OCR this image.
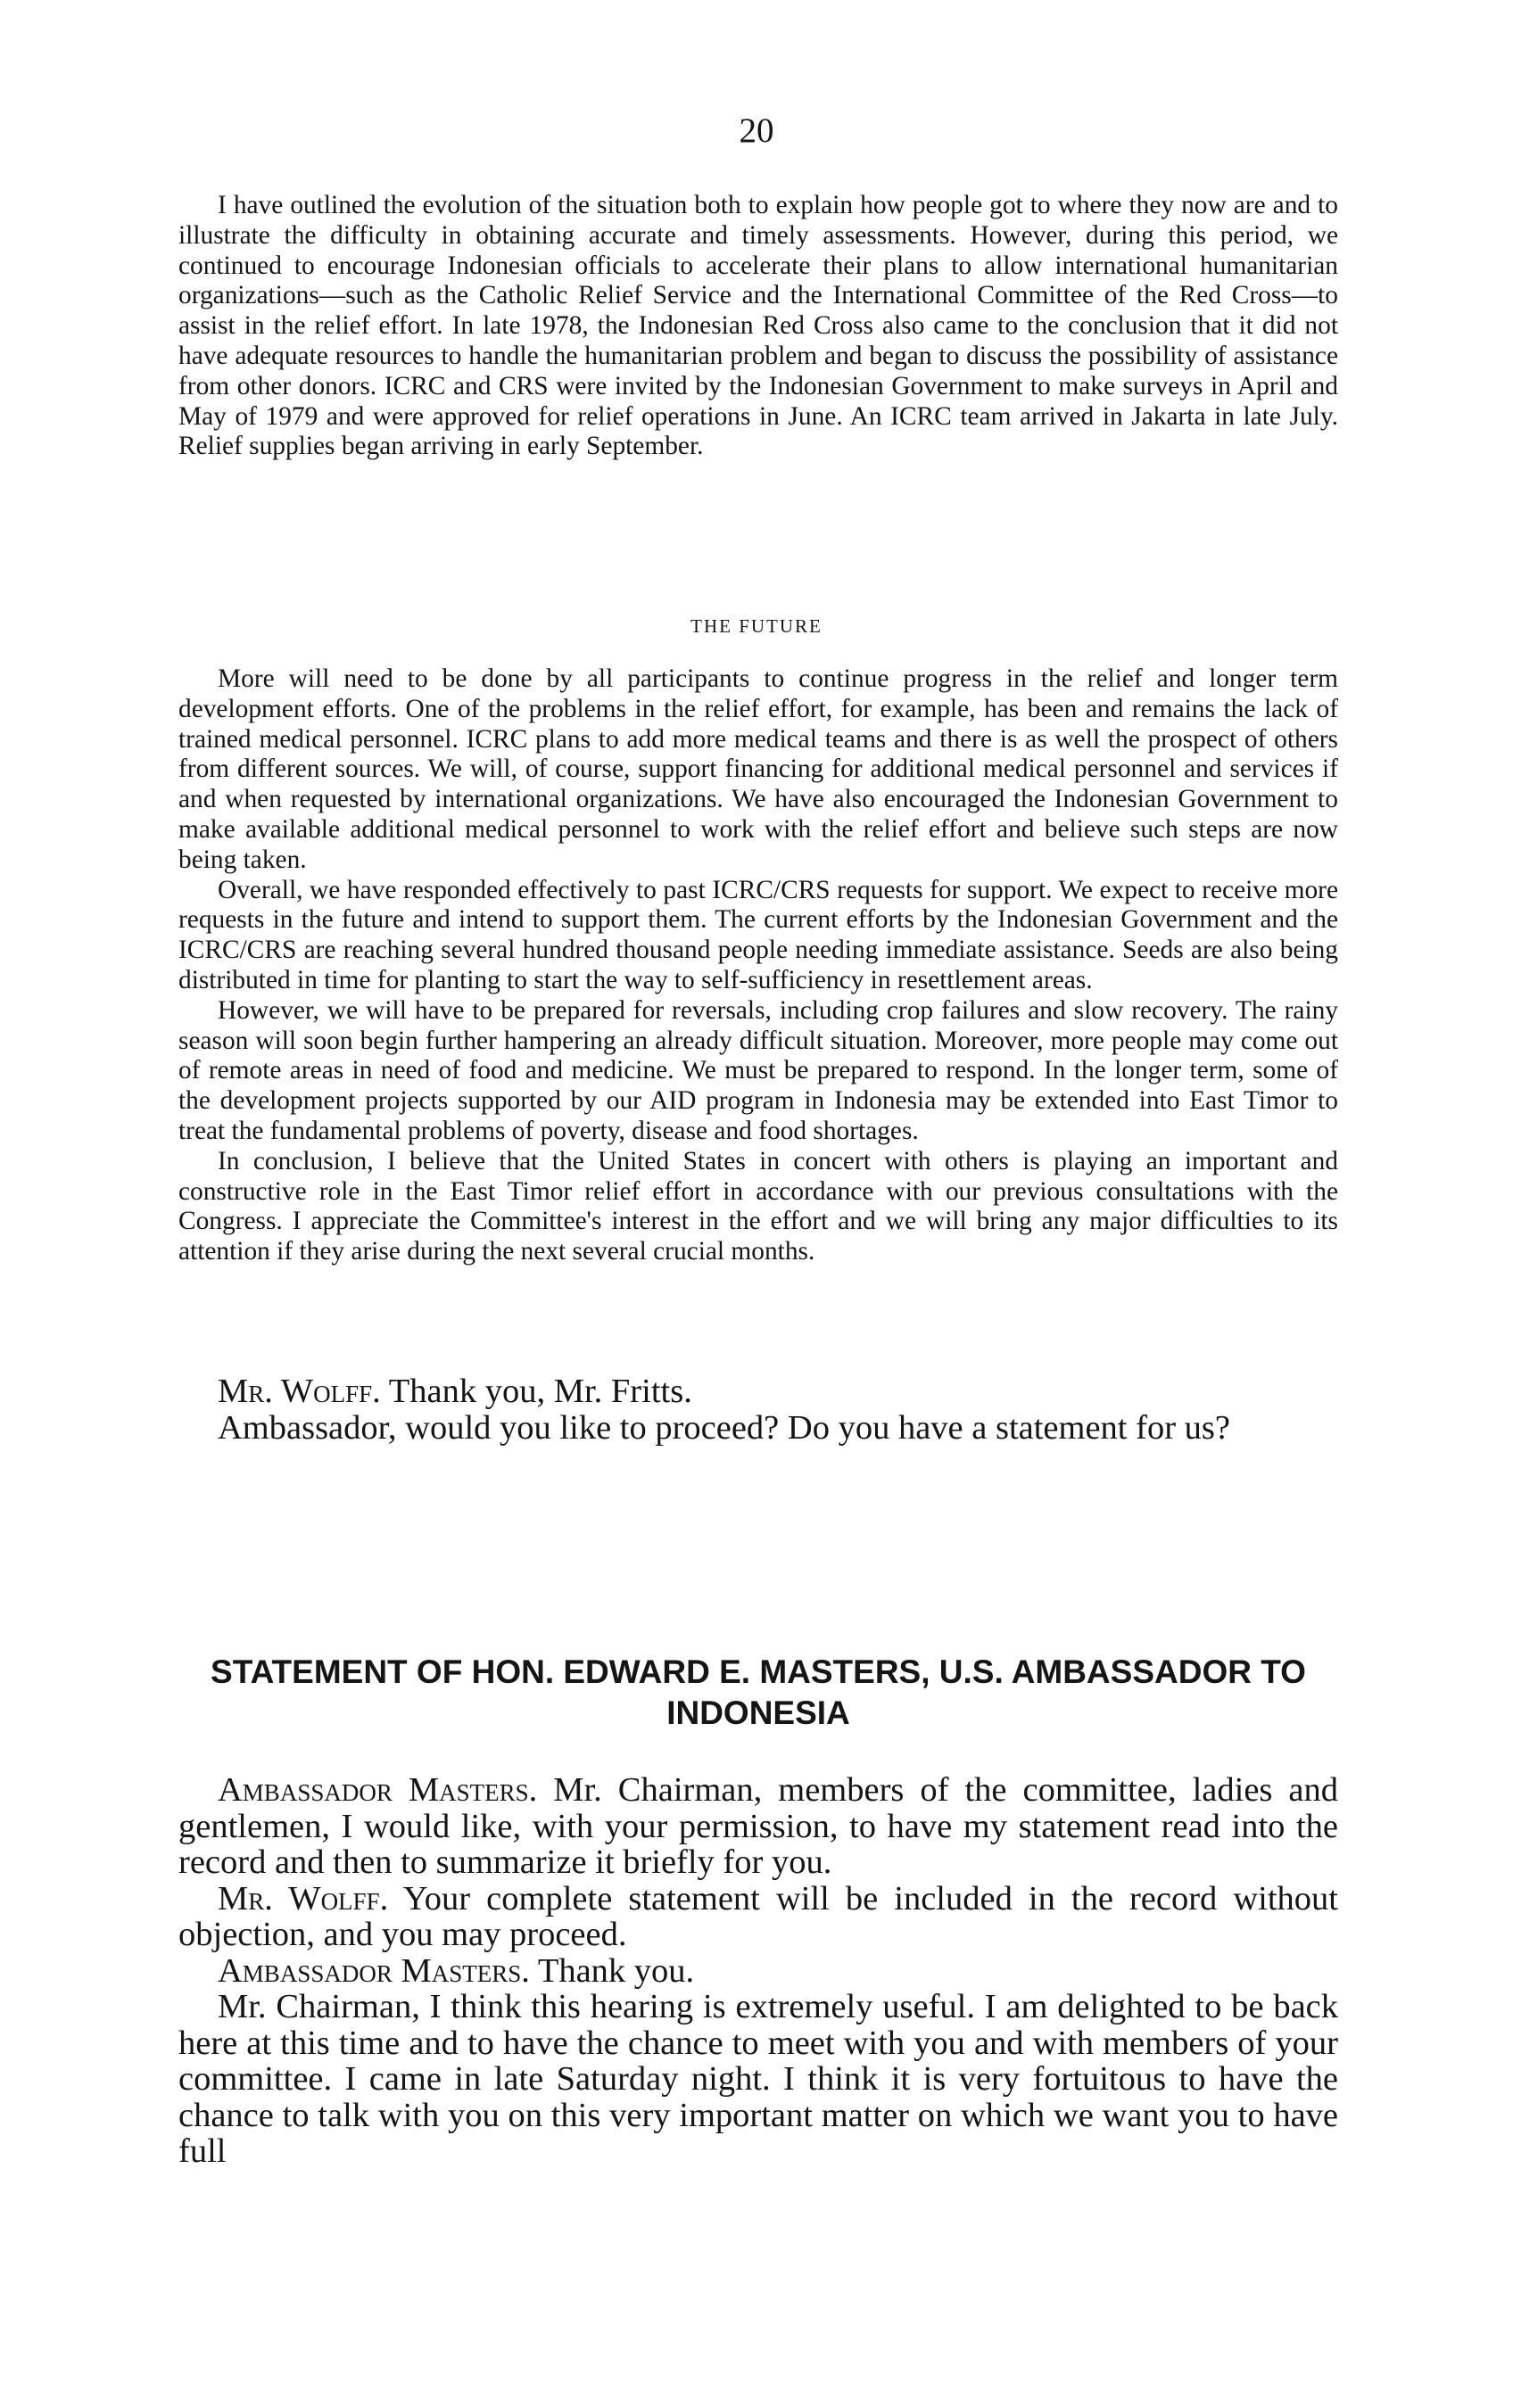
20

I have outlined the evolution of the situation both to explain how people got to where they now are and to illustrate the difficulty in obtaining accurate and timely assessments. However, during this period, we continued to encourage Indonesian officials to accelerate their plans to allow international humanitarian organizations—such as the Catholic Relief Service and the International Committee of the Red Cross—to assist in the relief effort. In late 1978, the Indonesian Red Cross also came to the conclusion that it did not have adequate resources to handle the humanitarian problem and began to discuss the possibility of assistance from other donors. ICRC and CRS were invited by the Indonesian Government to make surveys in April and May of 1979 and were approved for relief operations in June. An ICRC team arrived in Jakarta in late July. Relief supplies began arriving in early September.

THE FUTURE

More will need to be done by all participants to continue progress in the relief and longer term development efforts. One of the problems in the relief effort, for example, has been and remains the lack of trained medical personnel. ICRC plans to add more medical teams and there is as well the prospect of others from different sources. We will, of course, support financing for additional medical personnel and services if and when requested by international organizations. We have also encouraged the Indonesian Government to make available additional medical personnel to work with the relief effort and believe such steps are now being taken.

Overall, we have responded effectively to past ICRC/CRS requests for support. We expect to receive more requests in the future and intend to support them. The current efforts by the Indonesian Government and the ICRC/CRS are reaching several hundred thousand people needing immediate assistance. Seeds are also being distributed in time for planting to start the way to self-sufficiency in resettlement areas.

However, we will have to be prepared for reversals, including crop failures and slow recovery. The rainy season will soon begin further hampering an already difficult situation. Moreover, more people may come out of remote areas in need of food and medicine. We must be prepared to respond. In the longer term, some of the development projects supported by our AID program in Indonesia may be extended into East Timor to treat the fundamental problems of poverty, disease and food shortages.

In conclusion, I believe that the United States in concert with others is playing an important and constructive role in the East Timor relief effort in accordance with our previous consultations with the Congress. I appreciate the Committee's interest in the effort and we will bring any major difficulties to its attention if they arise during the next several crucial months.

Mr. Wolff. Thank you, Mr. Fritts.

Ambassador, would you like to proceed? Do you have a statement for us?

STATEMENT OF HON. EDWARD E. MASTERS, U.S. AMBASSADOR TO INDONESIA

Ambassador Masters. Mr. Chairman, members of the committee, ladies and gentlemen, I would like, with your permission, to have my statement read into the record and then to summarize it briefly for you.

Mr. Wolff. Your complete statement will be included in the record without objection, and you may proceed.

Ambassador Masters. Thank you.

Mr. Chairman, I think this hearing is extremely useful. I am delighted to be back here at this time and to have the chance to meet with you and with members of your committee. I came in late Saturday night. I think it is very fortuitous to have the chance to talk with you on this very important matter on which we want you to have full
